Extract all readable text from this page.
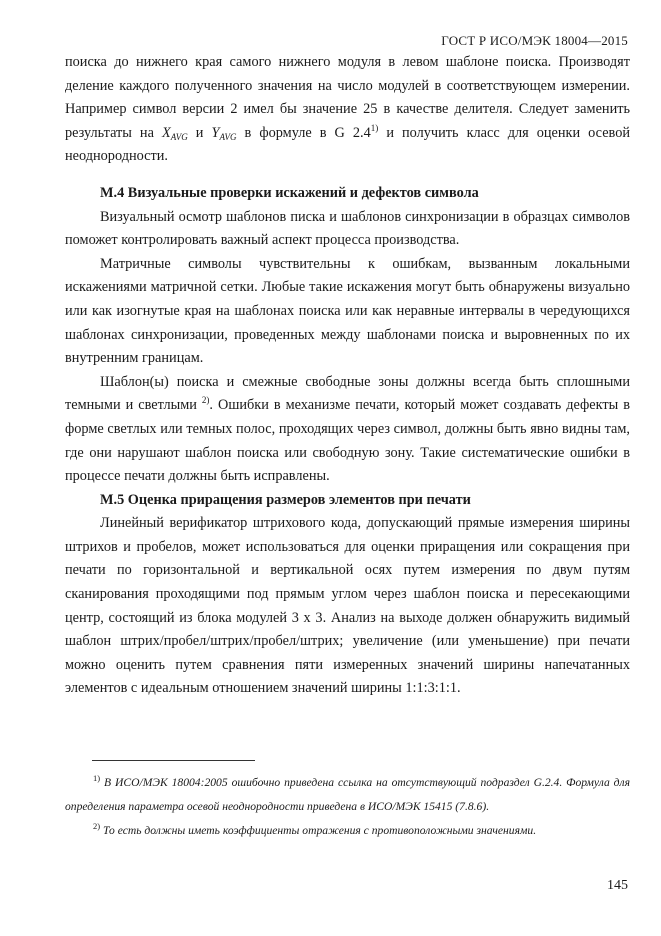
ГОСТ Р ИСО/МЭК 18004—2015

поиска до нижнего края самого нижнего модуля в левом шаблоне поиска. Производят деление каждого полученного значения на число модулей в соответствующем измерении. Например символ версии 2 имел бы значение 25 в качестве делителя. Следует заменить результаты на $X_{AVG}$ и $Y_{AVG}$ в формуле в G 2.4$^{1)}$ и получить класс для оценки осевой неоднородности.

М.4 Визуальные проверки искажений и дефектов символа

Визуальный осмотр шаблонов писка и шаблонов синхронизации в образцах символов поможет контролировать важный аспект процесса производства.

Матричные символы чувствительны к ошибкам, вызванным локальными искажениями матричной сетки. Любые такие искажения могут быть обнаружены визуально или как изогнутые края на шаблонах поиска или как неравные интервалы в чередующихся шаблонах синхронизации, проведенных между шаблонами поиска и выровненных по их внутренним границам.

Шаблон(ы) поиска и смежные свободные зоны должны всегда быть сплошными темными и светлыми $^{2)}$. Ошибки в механизме печати, который может создавать дефекты в форме светлых или темных полос, проходящих через символ, должны быть явно видны там, где они нарушают шаблон поиска или свободную зону. Такие систематические ошибки в процессе печати должны быть исправлены.

М.5 Оценка приращения размеров элементов при печати

Линейный верификатор штрихового кода, допускающий прямые измерения ширины штрихов и пробелов, может использоваться для оценки приращения или сокращения при печати по горизонтальной и вертикальной осях путем измерения по двум путям сканирования проходящими под прямым углом через шаблон поиска и пересекающими центр, состоящий из блока модулей 3 х 3. Анализ на выходе должен обнаружить видимый шаблон штрих/пробел/штрих/пробел/штрих; увеличение (или уменьшение) при печати можно оценить путем сравнения пяти измеренных значений ширины напечатанных элементов с идеальным отношением значений ширины 1:1:3:1:1.

$^{1)}$ В ИСО/МЭК 18004:2005 ошибочно приведена ссылка на отсутствующий подраздел G.2.4. Формула для определения параметра осевой неоднородности приведена в ИСО/МЭК 15415 (7.8.6).

$^{2)}$ То есть должны иметь коэффициенты отражения с противоположными значениями.

145
